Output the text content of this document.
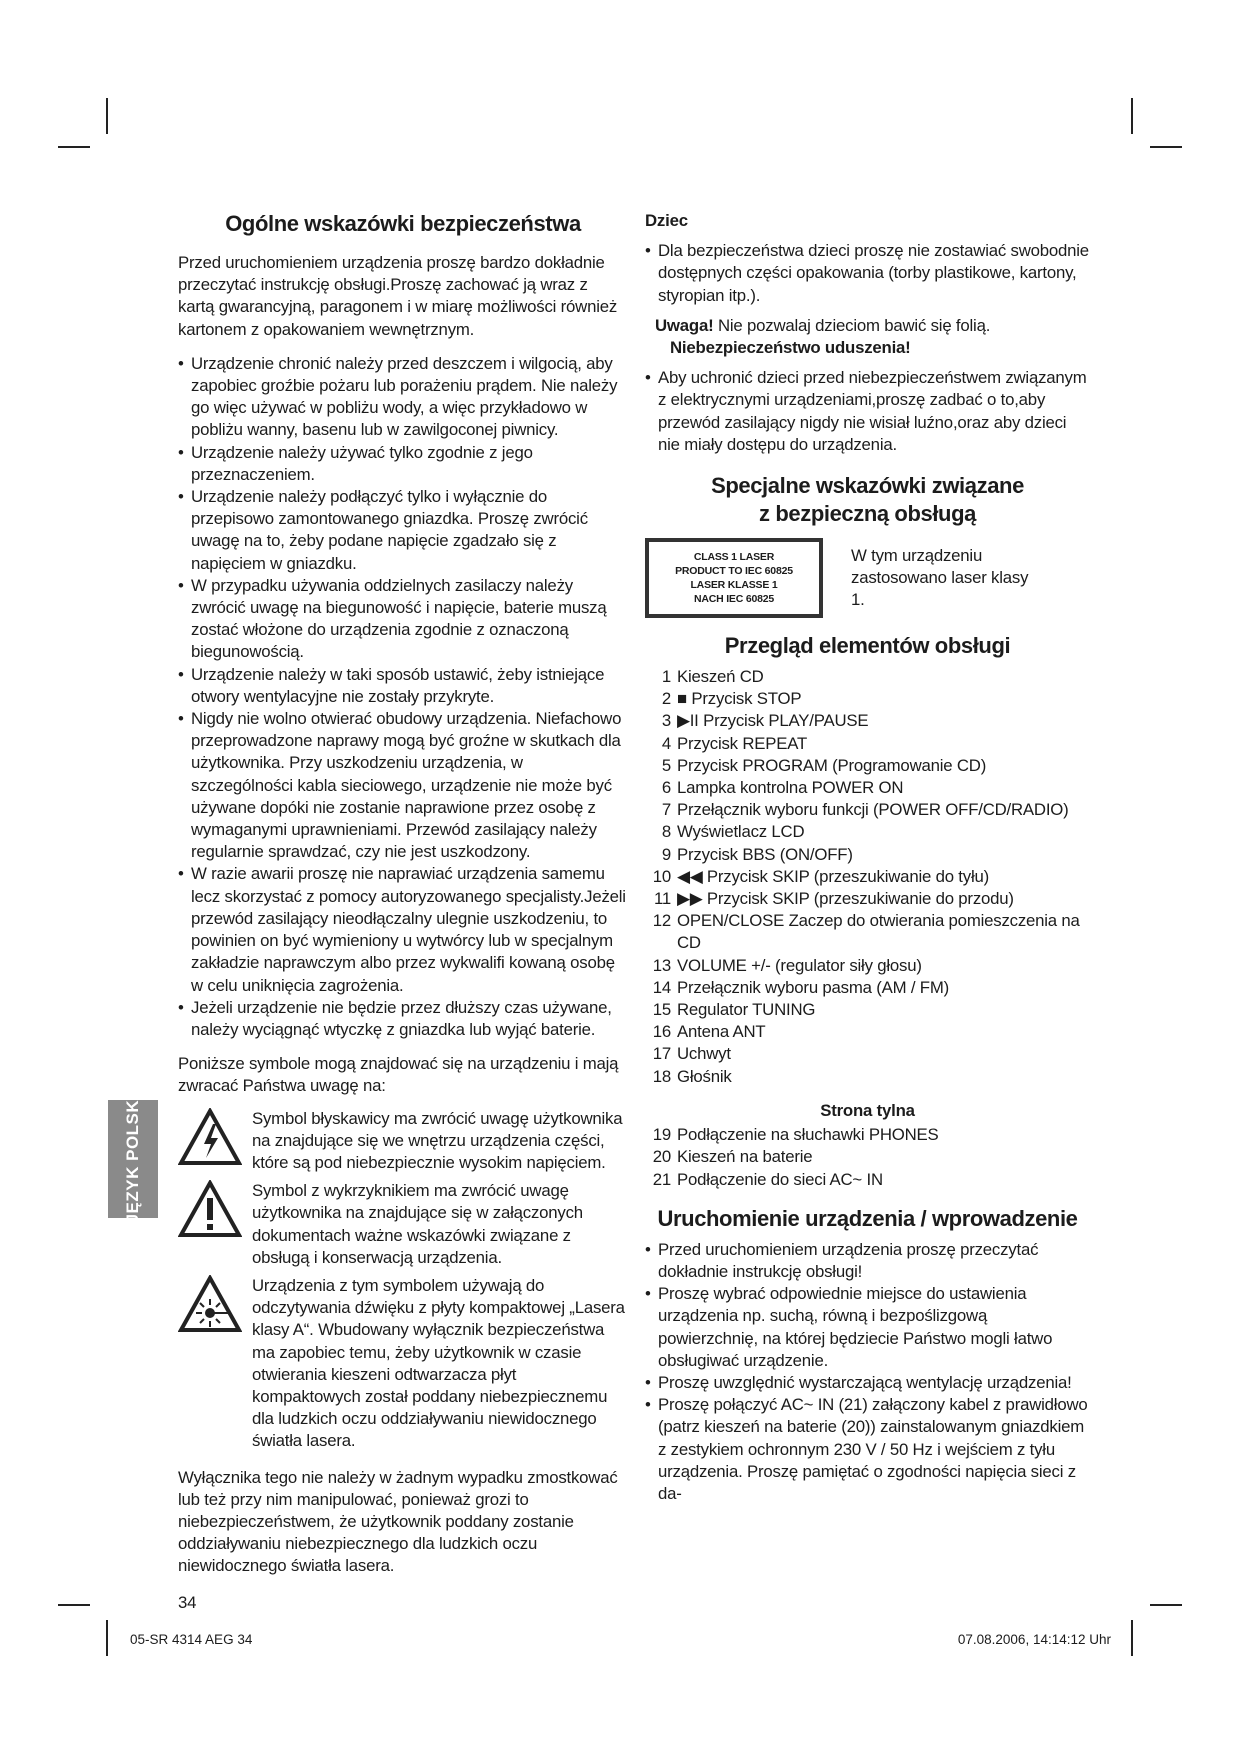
JĘZYK POLSKI
Ogólne wskazówki bezpieczeństwa

Przed uruchomieniem urządzenia proszę bardzo dokładnie przeczytać instrukcję obsługi.Proszę zachować ją wraz z kartą gwarancyjną, paragonem i w miarę możliwości również kartonem z opakowaniem wewnętrznym.

• Urządzenie chronić należy przed deszczem i wilgocią, aby zapobiec groźbie pożaru lub porażeniu prądem. Nie należy go więc używać w pobliżu wody, a więc przykładowo w pobliżu wanny, basenu lub w zawilgoconej piwnicy.
• Urządzenie należy używać tylko zgodnie z jego przeznaczeniem.
• Urządzenie należy podłączyć tylko i wyłącznie do przepisowo zamontowanego gniazdka. Proszę zwrócić uwagę na to, żeby podane napięcie zgadzało się z napięciem w gniazdku.
• W przypadku używania oddzielnych zasilaczy należy zwrócić uwagę na biegunowość i napięcie, baterie muszą zostać włożone do urządzenia zgodnie z oznaczoną biegunowością.
• Urządzenie należy w taki sposób ustawić, żeby istniejące otwory wentylacyjne nie zostały przykryte.
• Nigdy nie wolno otwierać obudowy urządzenia. Niefachowo przeprowadzone naprawy mogą być groźne w skutkach dla użytkownika. Przy uszkodzeniu urządzenia, w szczególności kabla sieciowego, urządzenie nie może być używane dopóki nie zostanie naprawione przez osobę z wymaganymi uprawnieniami. Przewód zasilający należy regularnie sprawdzać, czy nie jest uszkodzony.
• W razie awarii proszę nie naprawiać urządzenia samemu lecz skorzystać z pomocy autoryzowanego specjalisty.Jeżeli przewód zasilający nieodłączalny ulegnie uszkodzeniu, to powinien on być wymieniony u wytwórcy lub w specjalnym zakładzie naprawczym albo przez wykwalifi kowaną osobę w celu uniknięcia zagrożenia.
• Jeżeli urządzenie nie będzie przez dłuższy czas używane, należy wyciągnąć wtyczkę z gniazdka lub wyjąć baterie.

Poniższe symbole mogą znajdować się na urządzeniu i mają zwracać Państwa uwagę na:

Symbol błyskawicy ma zwrócić uwagę użytkownika na znajdujące się we wnętrzu urządzenia części, które są pod niebezpiecznie wysokim napięciem.

Symbol z wykrzyknikiem ma zwrócić uwagę użytkownika na znajdujące się w załączonych dokumentach ważne wskazówki związane z obsługą i konserwacją urządzenia.

Urządzenia z tym symbolem używają do odczytywania dźwięku z płyty kompaktowej „Lasera klasy A“. Wbudowany wyłącznik bezpieczeństwa ma zapobiec temu, żeby użytkownik w czasie otwierania kieszeni odtwarzacza płyt kompaktowych został poddany niebezpiecznemu dla ludzkich oczu oddziaływaniu niewidocznego światła lasera.

Wyłącznika tego nie należy w żadnym wypadku zmostkować lub też przy nim manipulować, ponieważ grozi to niebezpieczeństwem, że użytkownik poddany zostanie oddziaływaniu niebezpiecznego dla ludzkich oczu niewidocznego światła lasera.

34

Dziec

• Dla bezpieczeństwa dzieci proszę nie zostawiać swobodnie dostępnych części opakowania (torby plastikowe, kartony, styropian itp.).

Uwaga! Nie pozwalaj dzieciom bawić się folią.

Niebezpieczeństwo uduszenia!

• Aby uchronić dzieci przed niebezpieczeństwem związanym z elektrycznymi urządzeniami,proszę zadbać o to,aby przewód zasilający nigdy nie wisiał luźno,oraz aby dzieci nie miały dostępu do urządzenia.
Specjalne wskazówki związane
z bezpieczną obsługą
CLASS 1 LASER
PRODUCT TO IEC 60825
LASER KLASSE 1
NACH IEC 60825

W tym urządzeniu zastosowano laser klasy 1.

Przegląd elementów obsługi
1 Kieszeń CD
2 ■ Przycisk STOP
3 ▶II Przycisk PLAY/PAUSE
4 Przycisk REPEAT
5 Przycisk PROGRAM (Programowanie CD)
6 Lampka kontrolna POWER ON
7 Przełącznik wyboru funkcji (POWER OFF/CD/RADIO)
8 Wyświetlacz LCD
9 Przycisk BBS (ON/OFF)
10 ◀◀ Przycisk SKIP (przeszukiwanie do tyłu)
11 ▶▶ Przycisk SKIP (przeszukiwanie do przodu)
12 OPEN/CLOSE Zaczep do otwierania pomieszczenia na CD
13 VOLUME +/- (regulator siły głosu)
14 Przełącznik wyboru pasma (AM / FM)
15 Regulator TUNING
16 Antena ANT
17 Uchwyt
18 Głośnik

Strona tylna

19 Podłączenie na słuchawki PHONES
20 Kieszeń na baterie
21 Podłączenie do sieci AC~ IN
Uruchomienie urządzenia / wprowadzenie
• Przed uruchomieniem urządzenia proszę przeczytać dokładnie instrukcję obsługi!
• Proszę wybrać odpowiednie miejsce do ustawienia urządzenia np. suchą, równą i bezpoślizgową powierzchnię, na której będziecie Państwo mogli łatwo obsługiwać urządzenie.
• Proszę uwzględnić wystarczającą wentylację urządzenia!
• Proszę połączyć AC~ IN (21) załączony kabel z prawidłowo (patrz kieszeń na baterie (20)) zainstalowanym gniazdkiem z zestykiem ochronnym 230 V / 50 Hz i wejściem z tyłu urządzenia. Proszę pamiętać o zgodności napięcia sieci z da-
05-SR 4314 AEG 34	07.08.2006, 14:14:12 Uhr
